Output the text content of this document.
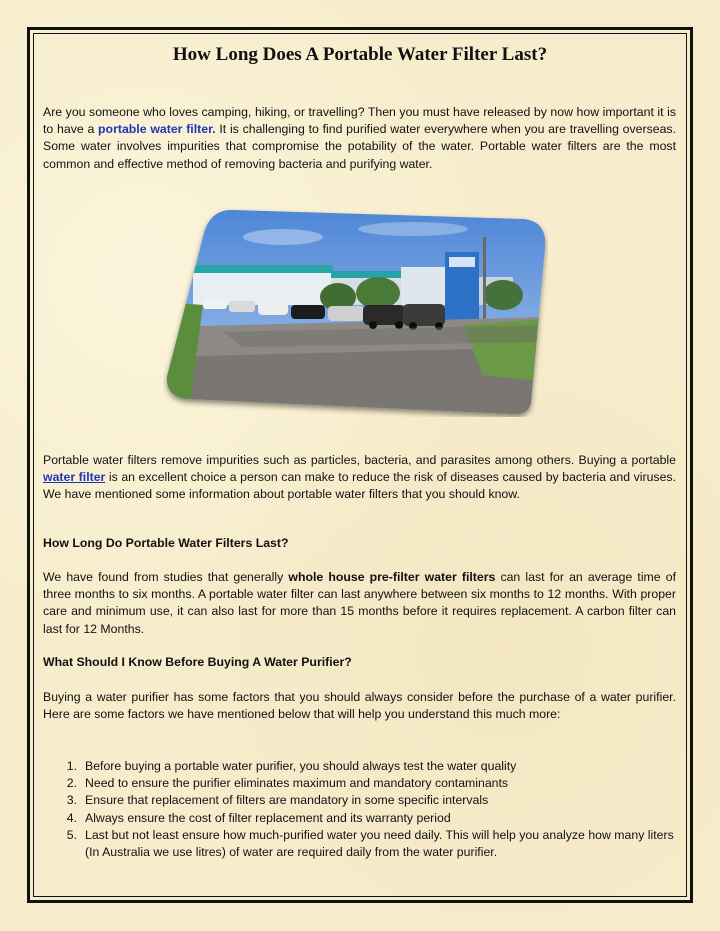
How Long Does A Portable Water Filter Last?

Are you someone who loves camping, hiking, or travelling? Then you must have released by now how important it is to have a portable water filter. It is challenging to find purified water everywhere when you are travelling overseas. Some water involves impurities that compromise the potability of the water. Portable water filters are the most common and effective method of removing bacteria and purifying water.

Portable water filters remove impurities such as particles, bacteria, and parasites among others. Buying a portable water filter is an excellent choice a person can make to reduce the risk of diseases caused by bacteria and viruses. We have mentioned some information about portable water filters that you should know.

How Long Do Portable Water Filters Last?

We have found from studies that generally whole house pre-filter water filters can last for an average time of three months to six months. A portable water filter can last anywhere between six months to 12 months. With proper care and minimum use, it can also last for more than 15 months before it requires replacement. A carbon filter can last for 12 Months.

What Should I Know Before Buying A Water Purifier?

Buying a water purifier has some factors that you should always consider before the purchase of a water purifier. Here are some factors we have mentioned below that will help you understand this much more:

1. Before buying a portable water purifier, you should always test the water quality
2. Need to ensure the purifier eliminates maximum and mandatory contaminants
3. Ensure that replacement of filters are mandatory in some specific intervals
4. Always ensure the cost of filter replacement and its warranty period
5. Last but not least ensure how much-purified water you need daily. This will help you analyze how many liters (In Australia we use litres) of water are required daily from the water purifier.
